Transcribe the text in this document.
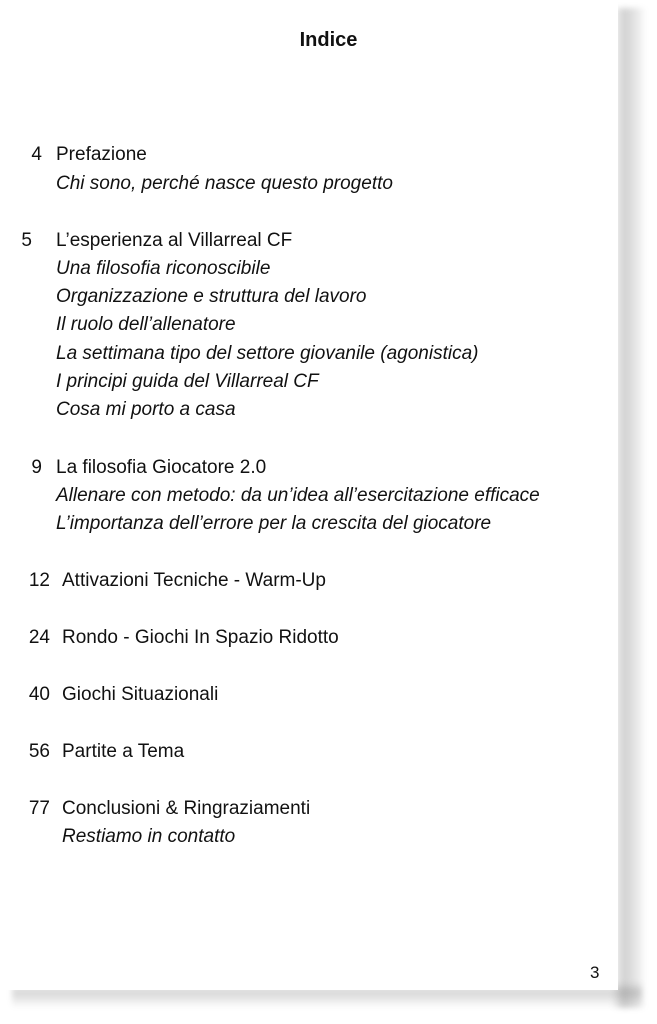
Indice
4 Prefazione
Chi sono, perché nasce questo progetto
5 L’esperienza al Villarreal CF
Una filosofia riconoscibile
Organizzazione e struttura del lavoro
Il ruolo dell’allenatore
La settimana tipo del settore giovanile (agonistica)
I principi guida del Villarreal CF
Cosa mi porto a casa
9 La filosofia Giocatore 2.0
Allenare con metodo: da un’idea all’esercitazione efficace
L’importanza dell’errore per la crescita del giocatore
12 Attivazioni Tecniche - Warm-Up
24 Rondo - Giochi In Spazio Ridotto
40 Giochi Situazionali
56 Partite a Tema
77 Conclusioni & Ringraziamenti
Restiamo in contatto
3
